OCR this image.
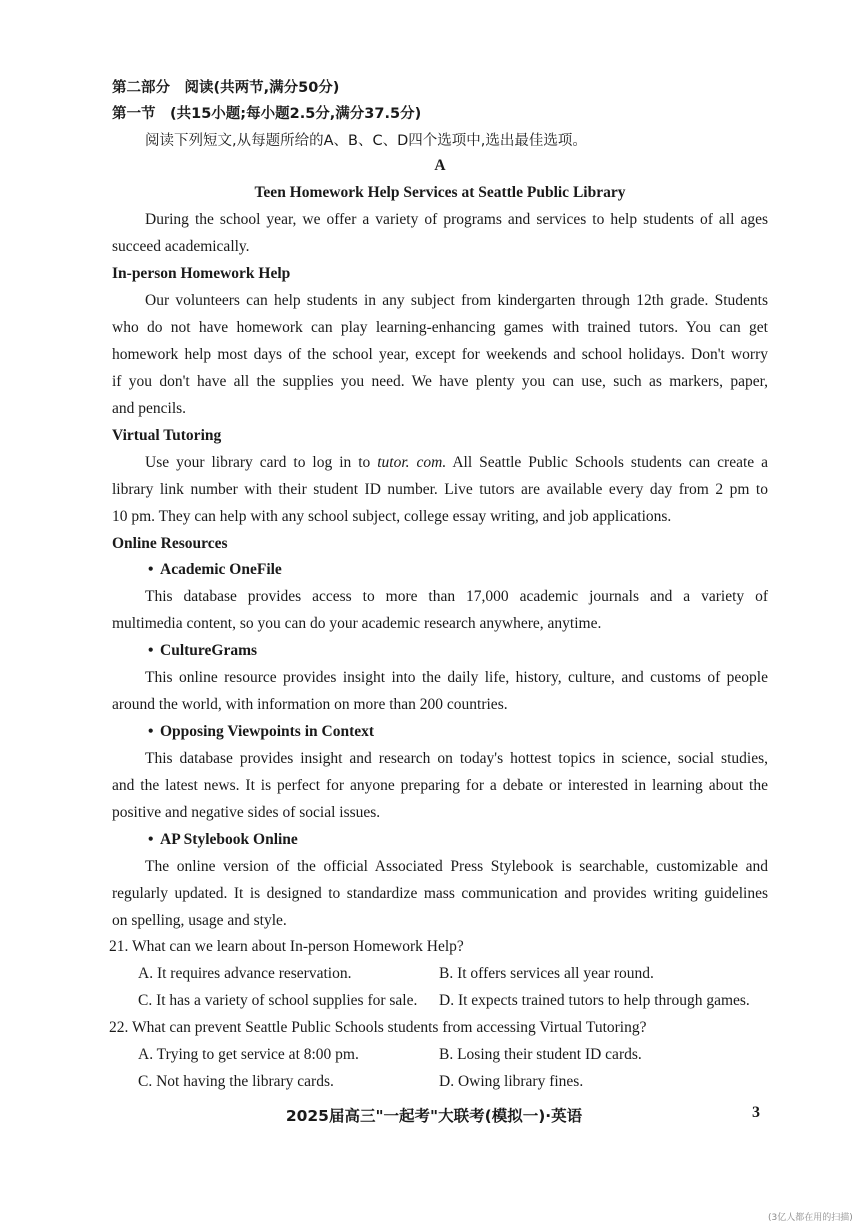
第二部分　阅读(共两节,满分50分)
第一节　(共15小题;每小题2.5分,满分37.5分)
阅读下列短文,从每题所给的A、B、C、D四个选项中,选出最佳选项。
A
Teen Homework Help Services at Seattle Public Library
During the school year, we offer a variety of programs and services to help students of all ages
succeed academically.
In-person Homework Help
Our volunteers can help students in any subject from kindergarten through 12th grade. Students
who do not have homework can play learning-enhancing games with trained tutors. You can get
homework help most days of the school year, except for weekends and school holidays. Don't worry
if you don't have all the supplies you need. We have plenty you can use, such as markers, paper,
and pencils.
Virtual Tutoring
Use your library card to log in to tutor. com. All Seattle Public Schools students can create a
library link number with their student ID number. Live tutors are available every day from 2 pm to
10 pm. They can help with any school subject, college essay writing, and job applications.
Online Resources
• Academic OneFile
This database provides access to more than 17,000 academic journals and a variety of
multimedia content, so you can do your academic research anywhere, anytime.
• CultureGrams
This online resource provides insight into the daily life, history, culture, and customs of people
around the world, with information on more than 200 countries.
• Opposing Viewpoints in Context
This database provides insight and research on today's hottest topics in science, social studies,
and the latest news. It is perfect for anyone preparing for a debate or interested in learning about the
positive and negative sides of social issues.
• AP Stylebook Online
The online version of the official Associated Press Stylebook is searchable, customizable and
regularly updated. It is designed to standardize mass communication and provides writing guidelines
on spelling, usage and style.
21. What can we learn about In-person Homework Help?
A. It requires advance reservation.	B. It offers services all year round.
C. It has a variety of school supplies for sale. D. It expects trained tutors to help through games.
22. What can prevent Seattle Public Schools students from accessing Virtual Tutoring?
A. Trying to get service at 8:00 pm.	B. Losing their student ID cards.
C. Not having the library cards.	D. Owing library fines.
2025届高三"一起考"大联考(模拟一)·英语	3
(3亿人都在用的扫描)
